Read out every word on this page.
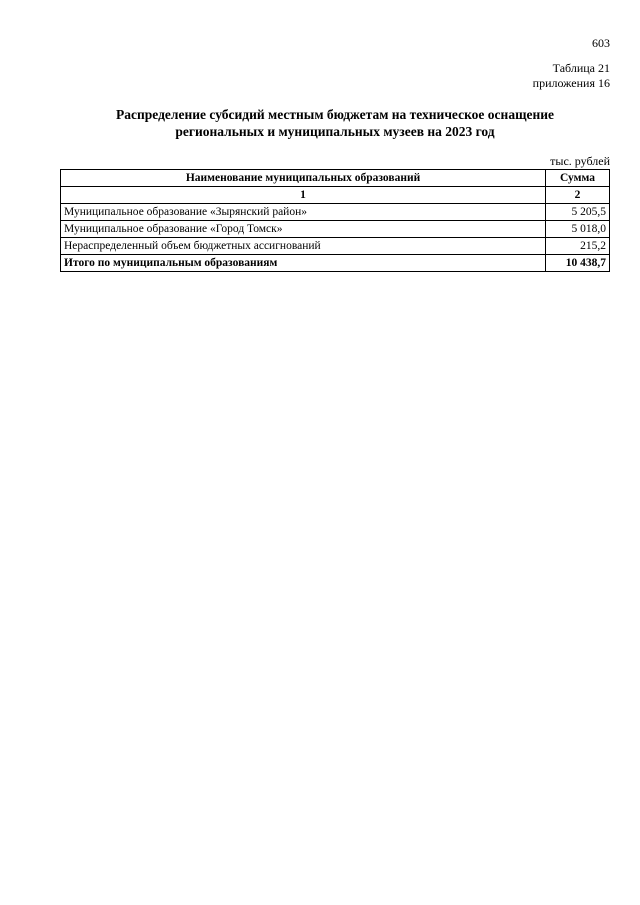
603
Таблица 21
приложения 16
Распределение субсидий местным бюджетам на техническое оснащение
региональных и муниципальных музеев на 2023 год
тыс. рублей
Наименование муниципальных образований	Сумма
1	2
Муниципальное образование «Зырянский район»	5 205,5
Муниципальное образование «Город Томск»	5 018,0
Нераспределенный объем бюджетных ассигнований	215,2
Итого по муниципальным образованиям	10 438,7
